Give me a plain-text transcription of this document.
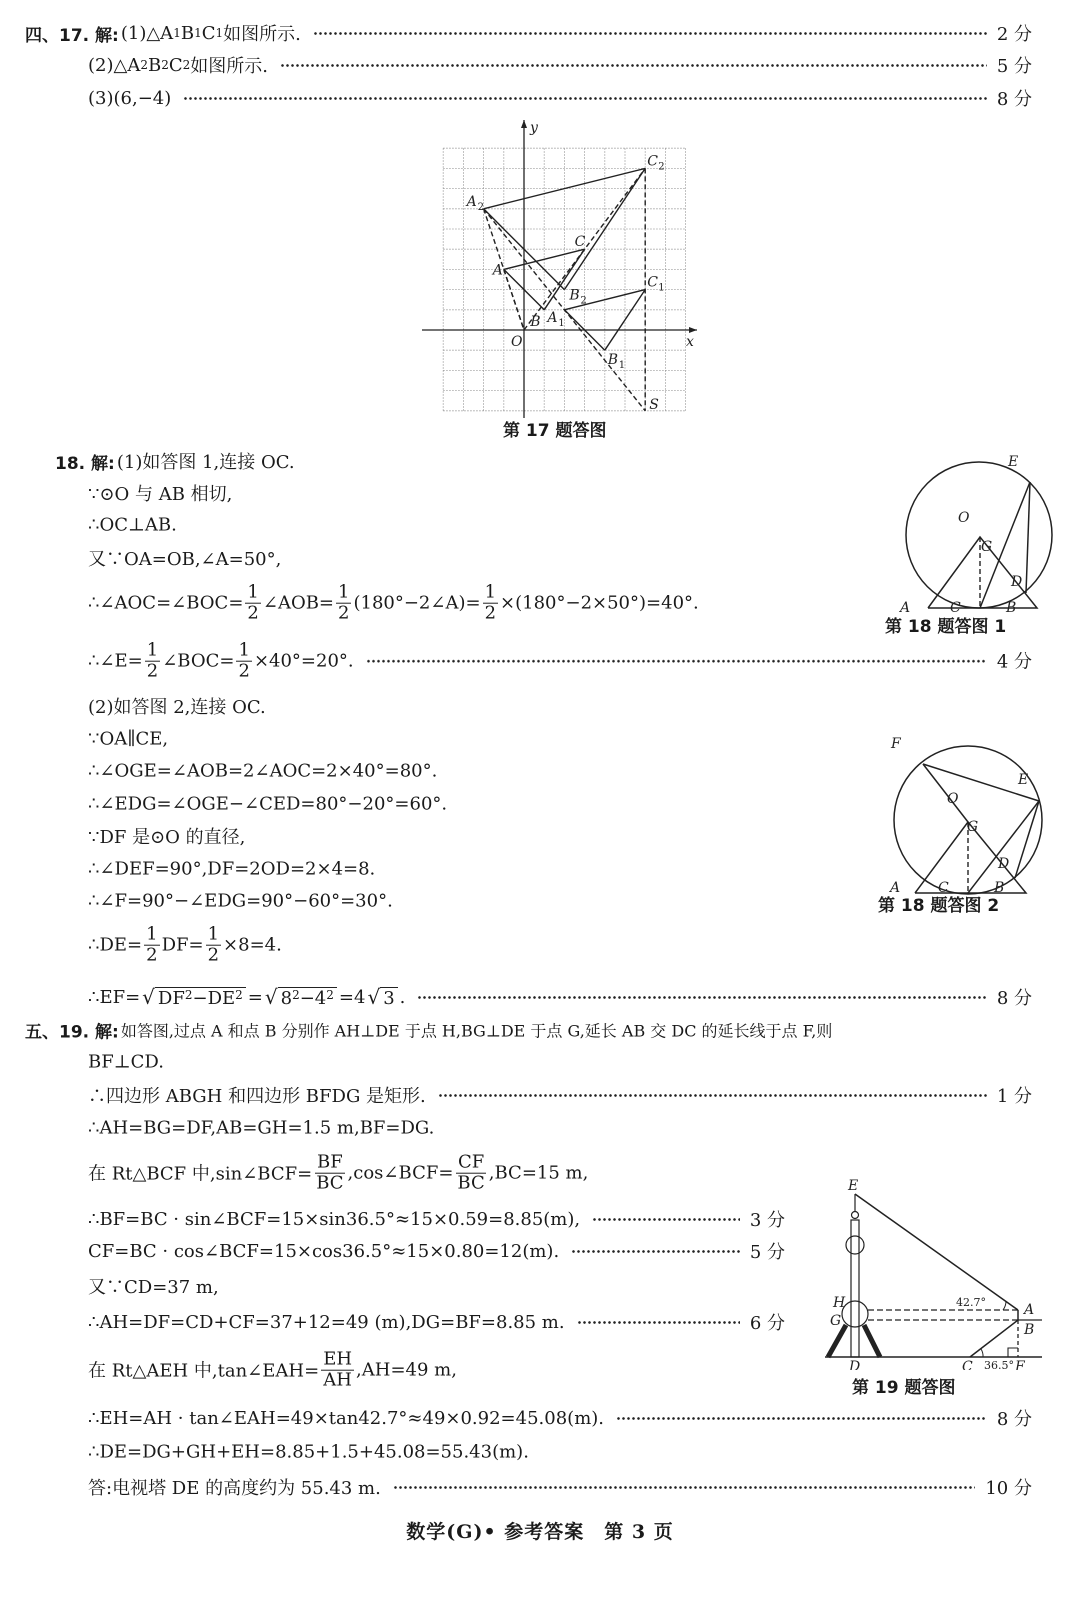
四、17. 解: (1)△A 1 B 1 C 1 如图所示.	2 分
(2)△A 2 B 2 C 2 如图所示.	5 分
(3)(6,−4)	8 分
18. 解: (1)如答图 1,连接 OC.
∵⊙O 与 AB 相切,
∴OC⊥AB.
又∵OA=OB,∠A=50°,
∴∠AOC=∠BOC= $\frac{1}{2}$ ∠AOB= $\frac{1}{2}$ (180°−2∠A)= $\frac{1}{2} \times(180^\circ-2\times 50^\circ)=40^\circ$.
∴∠E= $\frac{1}{2}$ ∠BOC= $\frac{1}{2} \times 40^\circ=20^\circ$.	4 分
(2)如答图 2,连接 OC.
∵OA∥CE,
∴∠OGE=∠AOB=2∠AOC=2×40°=80°.
∴∠EDG=∠OGE−∠CED=80°−20°=60°.
∵DF 是⊙O 的直径,
∴∠DEF=90°,DF=2OD=2×4=8.
∴∠F=90°−∠EDG=90°−60°=30°.
∴DE= $\frac{1}{2} DF= \frac{1}{2} \times 8=4$.
∴EF= √ DF 2 −DE 2 = √ 8 2 −4 2 =4 √ 3 .	8 分
五、19. 解: 如答图,过点 A 和点 B 分别作 AH⊥DE 于点 H,BG⊥DE 于点 G,延长 AB 交 DC 的延长线于点 F,则
BF⊥CD.
∴四边形 ABGH 和四边形 BFDG 是矩形.	1 分
∴AH=BG=DF,AB=GH=1.5 m,BF=DG.
在 Rt△BCF 中,sin∠BCF= $\frac{BF}{BC}$ ,cos∠BCF= $\frac{CF}{BC} ,BC=15$ m,
∴BF=BC · sin∠BCF=15×sin36.5°≈15×0.59=8.85(m),	3 分
CF=BC · cos∠BCF=15×cos36.5°≈15×0.80=12(m).	5 分
又∵CD=37 m,
∴AH=DF=CD+CF=37+12=49 (m),DG=BF=8.85 m.	6 分
在 Rt△AEH 中,tan∠EAH= $\frac{EH}{AH} ,AH=49$ m,
∴EH=AH · tan∠EAH=49×tan42.7°≈49×0.92=45.08(m).	8 分
∴DE=DG+GH+EH=8.85+1.5+45.08=55.43(m).
答:电视塔 DE 的高度约为 55.43 m.	10 分
A
B
C
A 1
B 1
C 1
A 2
B 2
C 2
S
O	x
y
第 17 题答图
A	C	B
D
E
G
O
第 18 题答图 1
A	C	B
D
E
F
G
O
第 18 题答图 2
E
A
B
C
D	F
H
G
42.7°
36.5°
第 19 题答图
数学(G)• 参考答案　第 3 页
